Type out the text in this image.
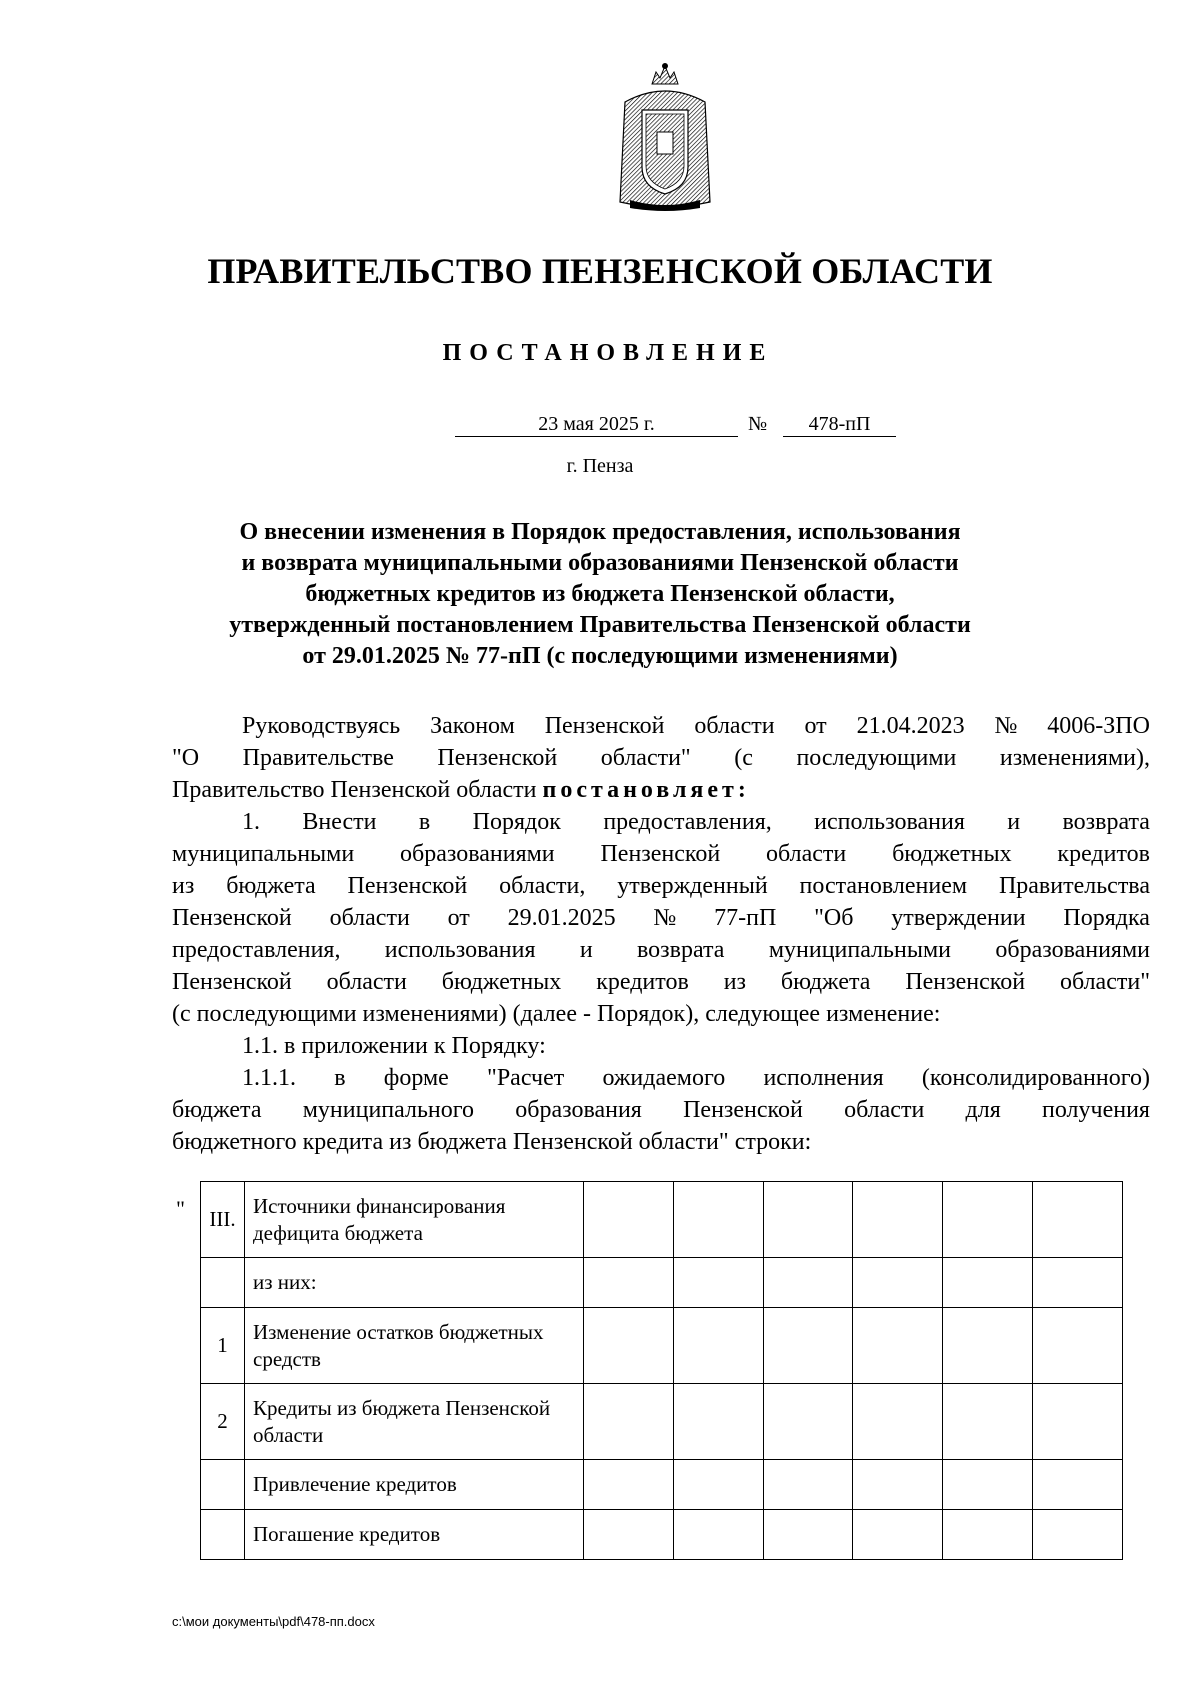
ПРАВИТЕЛЬСТВО ПЕНЗЕНСКОЙ ОБЛАСТИ
ПОСТАНОВЛЕНИЕ
23 мая 2025 г.	№	478-пП
г. Пенза
О внесении изменения в Порядок предоставления, использования
и возврата муниципальными образованиями Пензенской области
бюджетных кредитов из бюджета Пензенской области,
утвержденный постановлением Правительства Пензенской области
от 29.01.2025 № 77-пП (с последующими изменениями)
Руководствуясь Законом Пензенской области от 21.04.2023 № 4006-ЗПО
"О Правительстве Пензенской области" (с последующими изменениями),
Правительство Пензенской области постановляет:
1. Внести в Порядок предоставления, использования и возврата
муниципальными образованиями Пензенской области бюджетных кредитов
из бюджета Пензенской области, утвержденный постановлением Правительства
Пензенской области от 29.01.2025 № 77-пП "Об утверждении Порядка
предоставления, использования и возврата муниципальными образованиями
Пензенской области бюджетных кредитов из бюджета Пензенской области"
(с последующими изменениями) (далее - Порядок), следующее изменение:
1.1. в приложении к Порядку:
1.1.1. в форме "Расчет ожидаемого исполнения (консолидированного)
бюджета муниципального образования Пензенской области для получения
бюджетного кредита из бюджета Пензенской области" строки:
" III.	Источники финансирования дефицита бюджета						
	из них:						
1	Изменение остатков бюджетных средств						
2	Кредиты из бюджета Пензенской области						
	Привлечение кредитов						
	Погашение кредитов						
c:\мои документы\pdf\478-пп.docx
